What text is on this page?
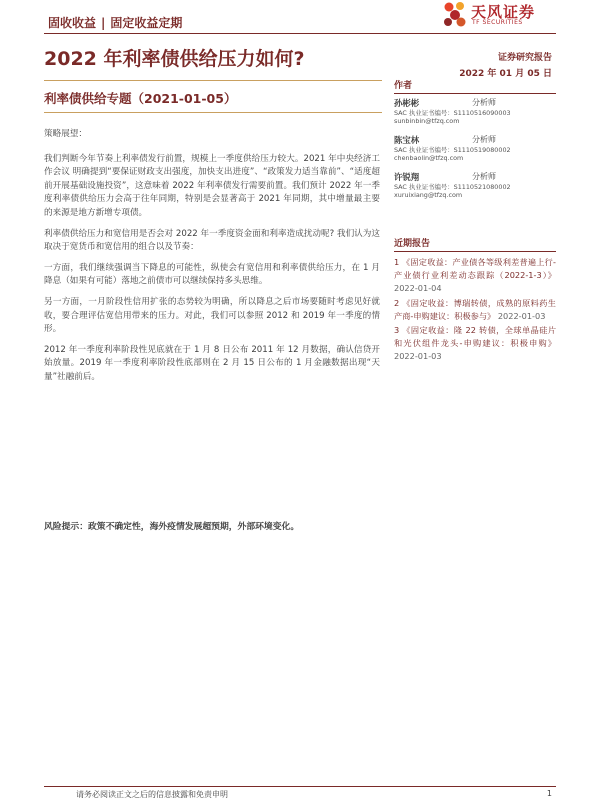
固收收益 | 固定收益定期
天风证券
TF SECURITIES
2022 年利率债供给压力如何?	证券研究报告
2022 年 01 月 05 日
利率债供给专题（2021-01-05）

策略展望：

我们判断今年节奏上利率债发行前置，规模上一季度供给压力较大。2021 年中央经济工作会议 明确提到“要保证财政支出强度，加快支出进度”、“政策发力适当靠前”、“适度超前开展基础设施投资”，这意味着 2022 年利率债发行需要前置。我们预计 2022 年一季度利率债供给压力会高于往年同期，特别是会显著高于 2021 年同期，其中增量最主要的来源是地方新增专项债。

利率债供给压力和宽信用是否会对 2022 年一季度资金面和利率造成扰动呢? 我们认为这取决于宽货币和宽信用的组合以及节奏：

一方面，我们继续强调当下降息的可能性，纵使会有宽信用和利率债供给压力，在 1 月降息（如果有可能）落地之前债市可以继续保持多头思维。

另一方面，一月阶段性信用扩张的态势较为明确，所以降息之后市场要随时考虑见好就收，要合理评估宽信用带来的压力。对此，我们可以参照 2012 和 2019 年一季度的情形。

2012 年一季度利率阶段性见底就在于 1 月 8 日公布 2011 年 12 月数据，确认信贷开始放量。2019 年一季度利率阶段性底部则在 2 月 15 日公布的 1 月金融数据出现“天量”社融前后。

风险提示：政策不确定性，海外疫情发展超预期，外部环境变化。
作者
孙彬彬	分析师
SAC 执业证书编号：S1110516090003
sunbinbin@tfzq.com
陈宝林	分析师
SAC 执业证书编号：S1110519080002
chenbaolin@tfzq.com
许锐翔	分析师
SAC 执业证书编号：S1110521080002
xuruixiang@tfzq.com
近期报告
1 《固定收益：产业债各等级利差普遍上行-产业债行业利差动态跟踪（2022-1-3）》 2022-01-04
2 《固定收益：博瑞转债，成熟的原料药生产商-申购建议：积极参与》 2022-01-03
3 《固定收益：隆 22 转债，全球单晶硅片和光伏组件龙头-申购建议：积极申购》 2022-01-03
请务必阅读正文之后的信息披露和免责申明	1
